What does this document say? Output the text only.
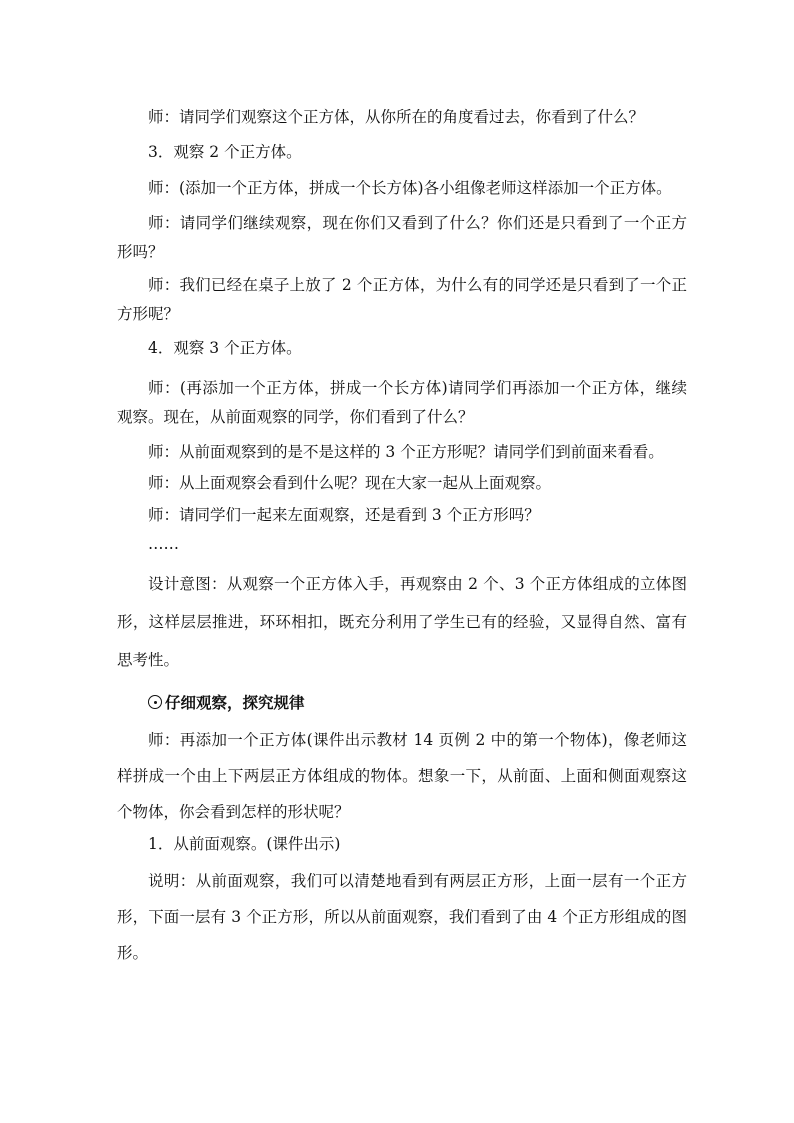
师：请同学们观察这个正方体，从你所在的角度看过去，你看到了什么？

3．观察 2 个正方体。

师：(添加一个正方体，拼成一个长方体)各小组像老师这样添加一个正方体。

师：请同学们继续观察，现在你们又看到了什么？你们还是只看到了一个正方形吗？

师：我们已经在桌子上放了 2 个正方体，为什么有的同学还是只看到了一个正方形呢？

4．观察 3 个正方体。

师：(再添加一个正方体，拼成一个长方体)请同学们再添加一个正方体，继续观察。现在，从前面观察的同学，你们看到了什么？

师：从前面观察到的是不是这样的 3 个正方形呢？请同学们到前面来看看。

师：从上面观察会看到什么呢？现在大家一起从上面观察。

师：请同学们一起来左面观察，还是看到 3 个正方形吗？

……

设计意图：从观察一个正方体入手，再观察由 2 个、3 个正方体组成的立体图形，这样层层推进，环环相扣，既充分利用了学生已有的经验，又显得自然、富有思考性。

仔细观察，探究规律

师：再添加一个正方体(课件出示教材 14 页例 2 中的第一个物体)，像老师这样拼成一个由上下两层正方体组成的物体。想象一下，从前面、上面和侧面观察这个物体，你会看到怎样的形状呢？

1．从前面观察。(课件出示)

说明：从前面观察，我们可以清楚地看到有两层正方形，上面一层有一个正方形，下面一层有 3 个正方形，所以从前面观察，我们看到了由 4 个正方形组成的图形。
